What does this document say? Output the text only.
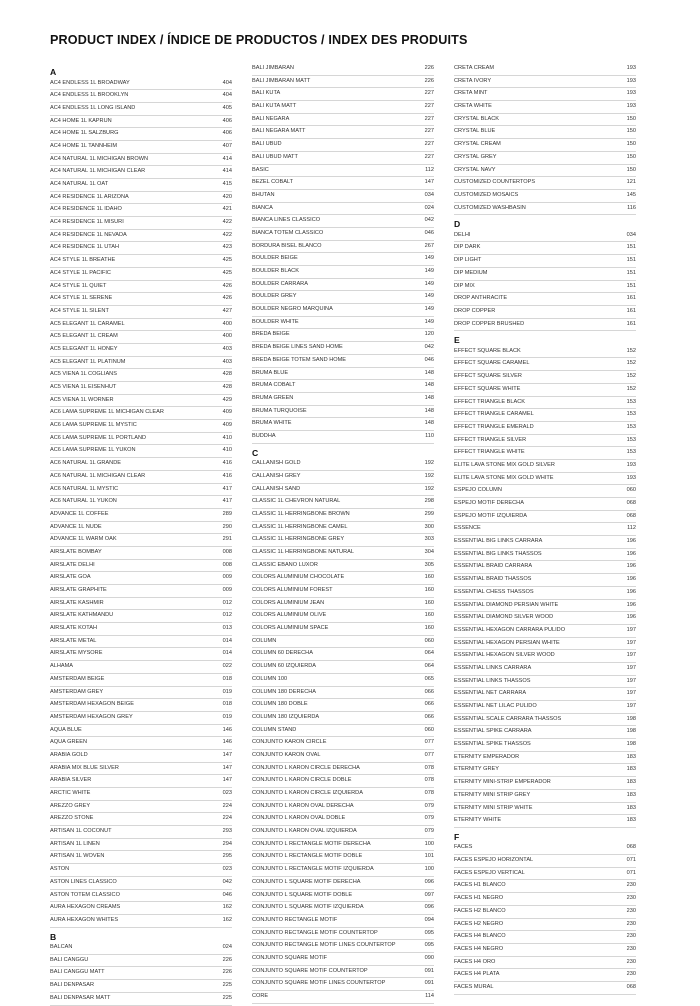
PRODUCT INDEX / ÍNDICE DE PRODUCTOS / INDEX DES PRODUITS
A
AC4 ENDLESS 1L BROADWAY	404
AC4 ENDLESS 1L BROOKLYN	404
AC4 ENDLESS 1L LONG ISLAND	405
AC4 HOME 1L KAPRUN	406
AC4 HOME 1L SALZBURG	406
AC4 HOME 1L TANNHEIM	407
AC4 NATURAL 1L MICHIGAN BROWN	414
AC4 NATURAL 1L MICHIGAN CLEAR	414
AC4 NATURAL 1L OAT	415
AC4 RESIDENCE 1L ARIZONA	420
AC4 RESIDENCE 1L IDAHO	421
AC4 RESIDENCE 1L MISURI	422
AC4 RESIDENCE 1L NEVADA	422
AC4 RESIDENCE 1L UTAH	423
AC4 STYLE 1L BREATHE	425
AC4 STYLE 1L PACIFIC	425
AC4 STYLE 1L QUIET	426
AC4 STYLE 1L SERENE	426
AC4 STYLE 1L SILENT	427
AC5 ELEGANT 1L CARAMEL	400
AC5 ELEGANT 1L CREAM	400
AC5 ELEGANT 1L HONEY	403
AC5 ELEGANT 1L PLATINUM	403
AC5 VIENA 1L COGLIANS	428
AC5 VIENA 1L EISENHUT	428
AC5 VIENA 1L WORNER	429
AC6 LAMA SUPREME 1L MICHIGAN CLEAR	409
AC6 LAMA SUPREME 1L MYSTIC	409
AC6 LAMA SUPREME 1L PORTLAND	410
AC6 LAMA SUPREME 1L YUKON	410
AC6 NATURAL 1L GRANDE	416
AC6 NATURAL 1L MICHIGAN CLEAR	416
AC6 NATURAL 1L MYSTIC	417
AC6 NATURAL 1L YUKON	417
ADVANCE 1L COFFEE	289
ADVANCE 1L NUDE	290
ADVANCE 1L WARM OAK	291
AIRSLATE BOMBAY	008
AIRSLATE DELHI	008
AIRSLATE GOA	009
AIRSLATE GRAPHITE	009
AIRSLATE KASHMIR	012
AIRSLATE KATHMANDU	012
AIRSLATE KOTAH	013
AIRSLATE METAL	014
AIRSLATE MYSORE	014
ALHAMA	022
AMSTERDAM BEIGE	018
AMSTERDAM GREY	019
AMSTERDAM HEXAGON BEIGE	018
AMSTERDAM HEXAGON GREY	019
AQUA BLUE	146
AQUA GREEN	146
ARABIA GOLD	147
ARABIA MIX BLUE SILVER	147
ARABIA SILVER	147
ARCTIC WHITE	023
AREZZO GREY	224
AREZZO STONE	224
ARTISAN 1L COCONUT	293
ARTISAN 1L LINEN	294
ARTISAN 1L WOVEN	295
ASTON	023
ASTON LINES CLASSICO	042
ASTON TOTEM CLASSICO	046
AURA HEXAGON CREAMS	162
AURA HEXAGON WHITES	162
B
BALCAN	024
BALI CANGGU	226
BALI CANGGU MATT	226
BALI DENPASAR	225
BALI DENPASAR MATT	225
BALI JIMBARAN	226
BALI JIMBARAN MATT	226
BALI KUTA	227
BALI KUTA MATT	227
BALI NEGARA	227
BALI NEGARA MATT	227
BALI UBUD	227
BALI UBUD MATT	227
BASIC	112
BEZEL COBALT	147
BHUTAN	034
BIANCA	024
BIANCA LINES CLASSICO	042
BIANCA TOTEM CLASSICO	046
BORDURA BISEL BLANCO	267
BOULDER BEIGE	149
BOULDER BLACK	149
BOULDER CARRARA	149
BOULDER GREY	149
BOULDER NEGRO MARQUINA	149
BOULDER WHITE	149
BREDA BEIGE	120
BREDA BEIGE LINES SAND HOME	042
BREDA BEIGE TOTEM SAND HOME	046
BRUMA BLUE	148
BRUMA COBALT	148
BRUMA GREEN	148
BRUMA TURQUOISE	148
BRUMA WHITE	148
BUDDHA	110
C
CALLANISH GOLD	192
CALLANISH GREY	192
CALLANISH SAND	192
CLASSIC 1L CHEVRON NATURAL	298
CLASSIC 1L HERRINGBONE BROWN	299
CLASSIC 1L HERRINGBONE CAMEL	300
CLASSIC 1L HERRINGBONE GREY	303
CLASSIC 1L HERRINGBONE NATURAL	304
CLASSIC EBANO LUXOR	305
COLORS ALUMINIUM CHOCOLATE	160
COLORS ALUMINIUM FOREST	160
COLORS ALUMINIUM JEAN	160
COLORS ALUMINIUM OLIVE	160
COLORS ALUMINIUM SPACE	160
COLUMN	060
COLUMN 60 DERECHA	064
COLUMN 60 IZQUIERDA	064
COLUMN 100	065
COLUMN 180 DERECHA	066
COLUMN 180 DOBLE	066
COLUMN 180 IZQUIERDA	066
COLUMN STAND	060
CONJUNTO KARON CIRCLE	077
CONJUNTO KARON OVAL	077
CONJUNTO L KARON CIRCLE DERECHA	078
CONJUNTO L KARON CIRCLE DOBLE	078
CONJUNTO L KARON CIRCLE IZQUIERDA	078
CONJUNTO L KARON OVAL DERECHA	079
CONJUNTO L KARON OVAL DOBLE	079
CONJUNTO L KARON OVAL IZQUIERDA	079
CONJUNTO L RECTANGLE MOTIF DERECHA	100
CONJUNTO L RECTANGLE MOTIF DOBLE	101
CONJUNTO L RECTANGLE MOTIF IZQUIERDA	100
CONJUNTO L SQUARE MOTIF DERECHA	096
CONJUNTO L SQUARE MOTIF DOBLE	097
CONJUNTO L SQUARE MOTIF IZQUIERDA	096
CONJUNTO RECTANGLE MOTIF	094
CONJUNTO RECTANGLE MOTIF COUNTERTOP	095
CONJUNTO RECTANGLE MOTIF LINES COUNTERTOP	095
CONJUNTO SQUARE MOTIF	090
CONJUNTO SQUARE MOTIF COUNTERTOP	091
CONJUNTO SQUARE MOTIF LINES COUNTERTOP	091
CORE	114
CRETA CREAM	193
CRETA IVORY	193
CRETA MINT	193
CRETA WHITE	193
CRYSTAL BLACK	150
CRYSTAL BLUE	150
CRYSTAL CREAM	150
CRYSTAL GREY	150
CRYSTAL NAVY	150
CUSTOMIZED COUNTERTOPS	121
CUSTOMIZED MOSAICS	145
CUSTOMIZED WASHBASIN	116
D
DELHI	034
DIP DARK	151
DIP LIGHT	151
DIP MEDIUM	151
DIP MIX	151
DROP ANTHRACITE	161
DROP COPPER	161
DROP COPPER BRUSHED	161
E
EFFECT SQUARE BLACK	152
EFFECT SQUARE CARAMEL	152
EFFECT SQUARE SILVER	152
EFFECT SQUARE WHITE	152
EFFECT TRIANGLE BLACK	153
EFFECT TRIANGLE CARAMEL	153
EFFECT TRIANGLE EMERALD	153
EFFECT TRIANGLE SILVER	153
EFFECT TRIANGLE WHITE	153
ELITE LAVA STONE MIX GOLD SILVER	193
ELITE LAVA STONE MIX GOLD WHITE	193
ESPEJO COLUMN	060
ESPEJO MOTIF DERECHA	068
ESPEJO MOTIF IZQUIERDA	068
ESSENCE	112
ESSENTIAL BIG LINKS CARRARA	196
ESSENTIAL BIG LINKS THASSOS	196
ESSENTIAL BRAID CARRARA	196
ESSENTIAL BRAID THASSOS	196
ESSENTIAL CHESS THASSOS	196
ESSENTIAL DIAMOND PERSIAN WHITE	196
ESSENTIAL DIAMOND SILVER WOOD	196
ESSENTIAL HEXAGON CARRARA PULIDO	197
ESSENTIAL HEXAGON PERSIAN WHITE	197
ESSENTIAL HEXAGON SILVER WOOD	197
ESSENTIAL LINKS CARRARA	197
ESSENTIAL LINKS THASSOS	197
ESSENTIAL NET CARRARA	197
ESSENTIAL NET LILAC PULIDO	197
ESSENTIAL SCALE CARRARA THASSOS	198
ESSENTIAL SPIKE CARRARA	198
ESSENTIAL SPIKE THASSOS	198
ETERNITY EMPERADOR	183
ETERNITY GREY	183
ETERNITY MINI-STRIP EMPERADOR	183
ETERNITY MINI STRIP GREY	183
ETERNITY MINI STRIP WHITE	183
ETERNITY WHITE	183
F
FACES	068
FACES ESPEJO HORIZONTAL	071
FACES ESPEJO VERTICAL	071
FACES H1 BLANCO	230
FACES H1 NEGRO	230
FACES H2 BLANCO	230
FACES H2 NEGRO	230
FACES H4 BLANCO	230
FACES H4 NEGRO	230
FACES H4 ORO	230
FACES H4 PLATA	230
FACES MURAL	068
